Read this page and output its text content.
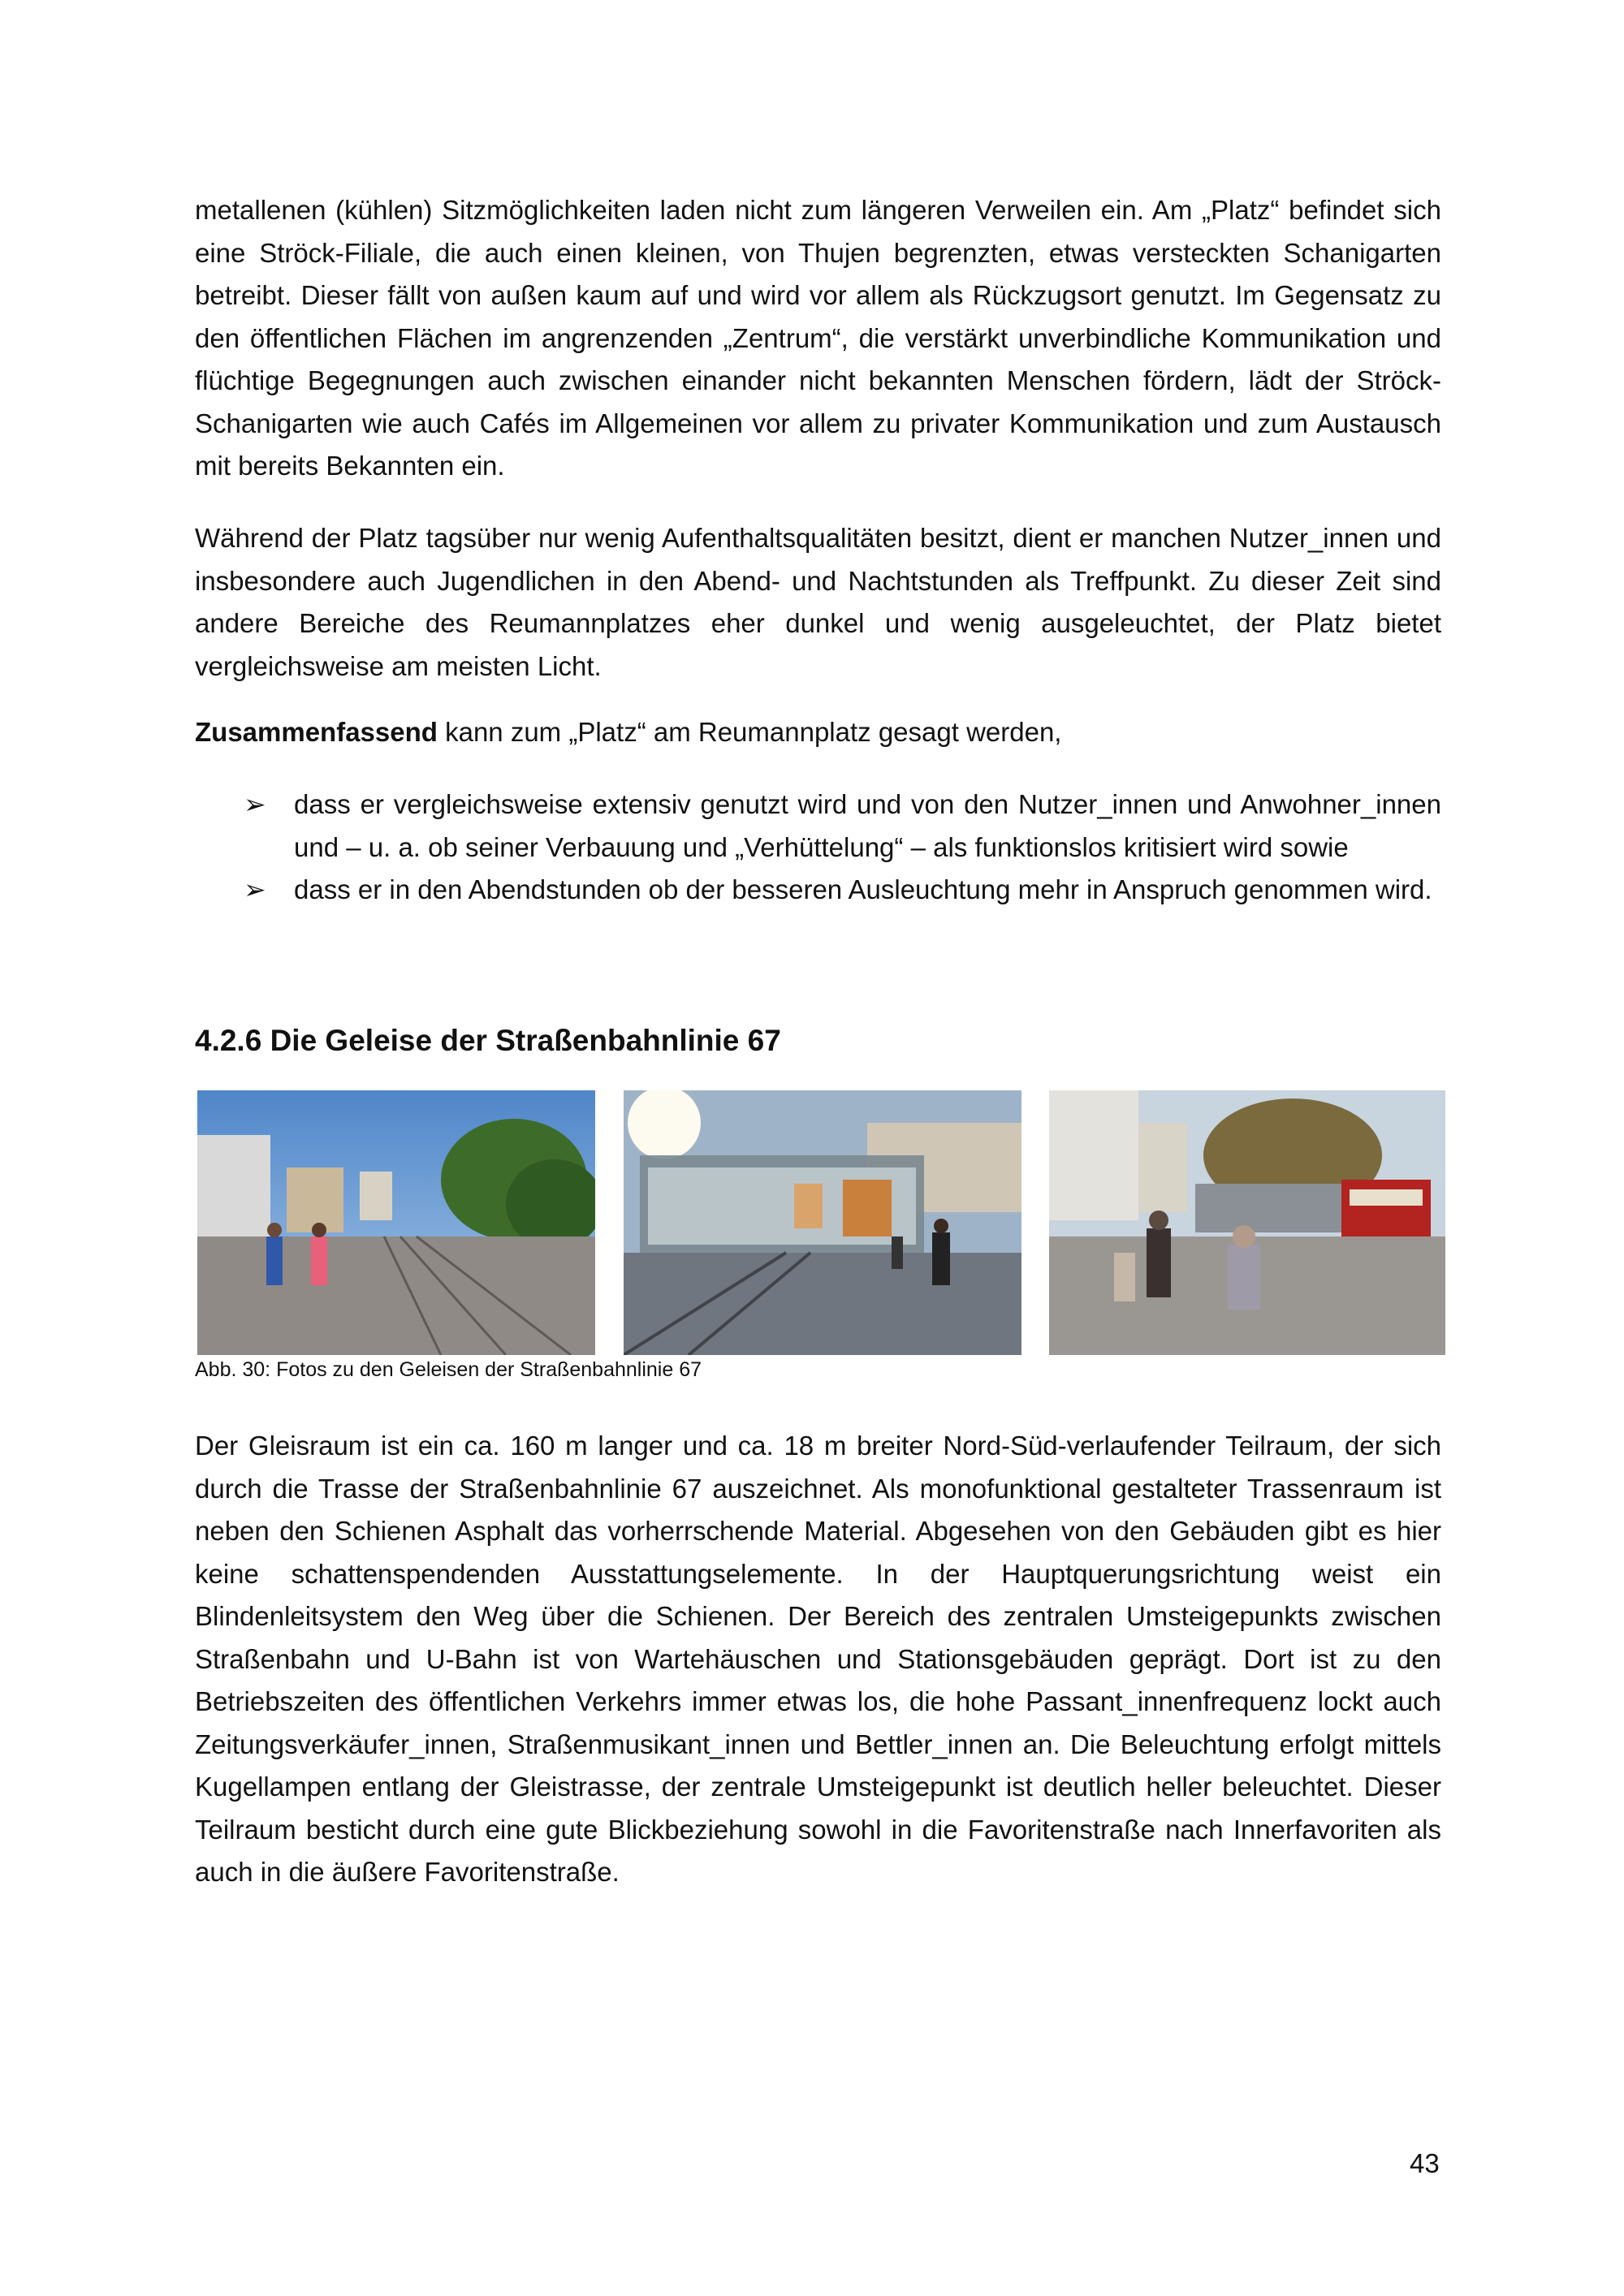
metallenen (kühlen) Sitzmöglichkeiten laden nicht zum längeren Verweilen ein. Am „Platz“ befindet sich eine Ströck-Filiale, die auch einen kleinen, von Thujen begrenzten, etwas versteckten Schanigarten betreibt. Dieser fällt von außen kaum auf und wird vor allem als Rückzugsort genutzt. Im Gegensatz zu den öffentlichen Flächen im angrenzenden „Zentrum“, die verstärkt unverbindliche Kommunikation und flüchtige Begegnungen auch zwischen einander nicht bekannten Menschen fördern, lädt der Ströck-Schanigarten wie auch Cafés im Allgemeinen vor allem zu privater Kommunikation und zum Austausch mit bereits Bekannten ein.

Während der Platz tagsüber nur wenig Aufenthaltsqualitäten besitzt, dient er manchen Nutzer_innen und insbesondere auch Jugendlichen in den Abend- und Nachtstunden als Treffpunkt. Zu dieser Zeit sind andere Bereiche des Reumannplatzes eher dunkel und wenig ausgeleuchtet, der Platz bietet vergleichsweise am meisten Licht.

Zusammenfassend kann zum „Platz“ am Reumannplatz gesagt werden,

➢ dass er vergleichsweise extensiv genutzt wird und von den Nutzer_innen und Anwohner_innen und – u. a. ob seiner Verbauung und „Verhüttelung“ – als funktionslos kritisiert wird sowie
➢ dass er in den Abendstunden ob der besseren Ausleuchtung mehr in Anspruch genommen wird.
4.2.6 Die Geleise der Straßenbahnlinie 67
Abb. 30: Fotos zu den Geleisen der Straßenbahnlinie 67

Der Gleisraum ist ein ca. 160 m langer und ca. 18 m breiter Nord-Süd-verlaufender Teilraum, der sich durch die Trasse der Straßenbahnlinie 67 auszeichnet. Als monofunktional gestalteter Trassenraum ist neben den Schienen Asphalt das vorherrschende Material. Abgesehen von den Gebäuden gibt es hier keine schattenspendenden Ausstattungselemente. In der Hauptquerungsrichtung weist ein Blindenleitsystem den Weg über die Schienen. Der Bereich des zentralen Umsteigepunkts zwischen Straßenbahn und U-Bahn ist von Wartehäuschen und Stationsgebäuden geprägt. Dort ist zu den Betriebszeiten des öffentlichen Verkehrs immer etwas los, die hohe Passant_innenfrequenz lockt auch Zeitungsverkäufer_innen, Straßenmusikant_innen und Bettler_innen an. Die Beleuchtung erfolgt mittels Kugellampen entlang der Gleistrasse, der zentrale Umsteigepunkt ist deutlich heller beleuchtet. Dieser Teilraum besticht durch eine gute Blickbeziehung sowohl in die Favoritenstraße nach Innerfavoriten als auch in die äußere Favoritenstraße.

43
